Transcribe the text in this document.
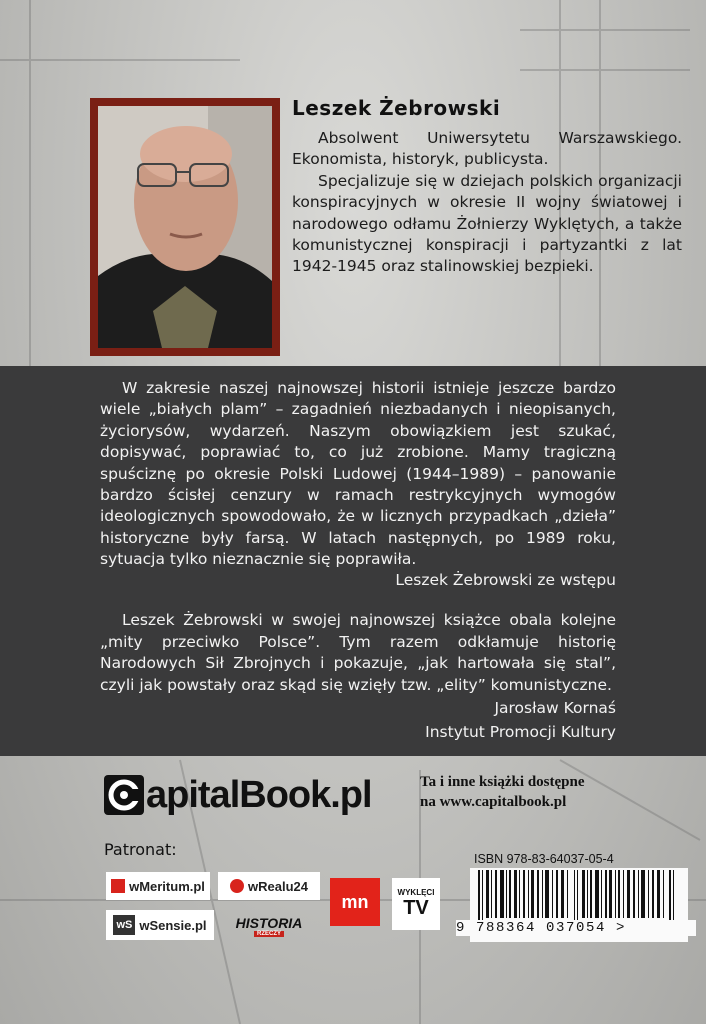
Leszek Żebrowski

Absolwent Uniwersytetu Warszawskiego. Ekonomista, historyk, publicysta.

Specjalizuje się w dziejach polskich organizacji konspiracyjnych w okresie II wojny światowej i narodowego odłamu Żołnierzy Wyklętych, a także komunistycznej konspiracji i partyzantki z lat 1942-1945 oraz stalinowskiej bezpieki.

W zakresie naszej najnowszej historii istnieje jeszcze bardzo wiele „białych plam” – zagadnień niezbadanych i nieopisanych, życiorysów, wydarzeń. Naszym obowiązkiem jest szukać, dopisywać, poprawiać to, co już zrobione. Mamy tragiczną spuściznę po okresie Polski Ludowej (1944–1989) – panowanie bardzo ścisłej cenzury w ramach restrykcyjnych wymogów ideologicznych spowodowało, że w licznych przypadkach „dzieła” historyczne były farsą. W latach następnych, po 1989 roku, sytuacja tylko nieznacznie się poprawiła.

Leszek Żebrowski ze wstępu

Leszek Żebrowski w swojej najnowszej książce obala kolejne „mity przeciwko Polsce”. Tym razem odkłamuje historię Narodowych Sił Zbrojnych i pokazuje, „jak hartowała się stal”, czyli jak powstały oraz skąd się wzięły tzw. „elity” komunistyczne.

Jarosław Kornaś
Instytut Promocji Kultury
apitalBook.pl	Ta i inne książki dostępne
na www.capitalbook.pl
Patronat:
wMeritum.pl	wRealu24
mn	WYKLĘCI
TV
wS wSensie.pl HISTORIA
RZECZY
ISBN 978-83-64037-05-4
9 788364 037054 >
